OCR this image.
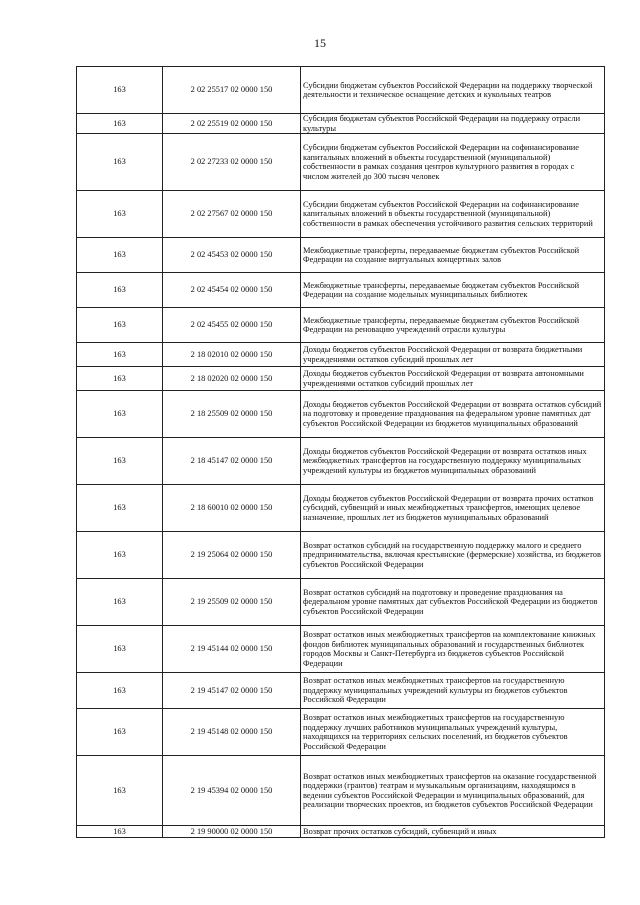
15
163	2 02 25517 02 0000 150	Субсидии бюджетам субъектов Российской Федерации на поддержку творческой деятельности и техническое оснащение детских и кукольных театров
163	2 02 25519 02 0000 150	Субсидия бюджетам субъектов Российской Федерации на поддержку отрасли культуры
163	2 02 27233 02 0000 150	Субсидии бюджетам субъектов Российской Федерации на софинансирование капитальных вложений в объекты государственной (муниципальной) собственности в рамках создания центров культурного развития в городах с числом жителей до 300 тысяч человек
163	2 02 27567 02 0000 150	Субсидии бюджетам субъектов Российской Федерации на софинансирование капитальных вложений в объекты государственной (муниципальной) собственности в рамках обеспечения устойчивого развития сельских территорий
163	2 02 45453 02 0000 150	Межбюджетные трансферты, передаваемые бюджетам субъектов Российской Федерации на создание виртуальных концертных залов
163	2 02 45454 02 0000 150	Межбюджетные трансферты, передаваемые бюджетам субъектов Российской Федерации на создание модельных муниципальных библиотек
163	2 02 45455 02 0000 150	Межбюджетные трансферты, передаваемые бюджетам субъектов Российской Федерации на реновацию учреждений отрасли культуры
163	2 18 02010 02 0000 150	Доходы бюджетов субъектов Российской Федерации от возврата бюджетными учреждениями остатков субсидий прошлых лет
163	2 18 02020 02 0000 150	Доходы бюджетов субъектов Российской Федерации от возврата автономными учреждениями остатков субсидий прошлых лет
163	2 18 25509 02 0000 150	Доходы бюджетов субъектов Российской Федерации от возврата остатков субсидий на подготовку и проведение празднования на федеральном уровне памятных дат субъектов Российской Федерации из бюджетов муниципальных образований
163	2 18 45147 02 0000 150	Доходы бюджетов субъектов Российской Федерации от возврата остатков иных межбюджетных трансфертов на государственную поддержку муниципальных учреждений культуры из бюджетов муниципальных образований
163	2 18 60010 02 0000 150	Доходы бюджетов субъектов Российской Федерации от возврата прочих остатков субсидий, субвенций и иных межбюджетных трансфертов, имеющих целевое назначение, прошлых лет из бюджетов муниципальных образований
163	2 19 25064 02 0000 150	Возврат остатков субсидий на государственную поддержку малого и среднего предпринимательства, включая крестьянские (фермерские) хозяйства, из бюджетов субъектов Российской Федерации
163	2 19 25509 02 0000 150	Возврат остатков субсидий на подготовку и проведение празднования на федеральном уровне памятных дат субъектов Российской Федерации из бюджетов субъектов Российской Федерации
163	2 19 45144 02 0000 150	Возврат остатков иных межбюджетных трансфертов на комплектование книжных фондов библиотек муниципальных образований и государственных библиотек городов Москвы и Санкт-Петербурга из бюджетов субъектов Российской Федерации
163	2 19 45147 02 0000 150	Возврат остатков иных межбюджетных трансфертов на государственную поддержку муниципальных учреждений культуры из бюджетов субъектов Российской Федерации
163	2 19 45148 02 0000 150	Возврат остатков иных межбюджетных трансфертов на государственную поддержку лучших работников муниципальных учреждений культуры, находящихся на территориях сельских поселений, из бюджетов субъектов Российской Федерации
163	2 19 45394 02 0000 150	Возврат остатков иных межбюджетных трансфертов на оказание государственной поддержки (грантов) театрам и музыкальным организациям, находящимся в ведении субъектов Российской Федерации и муниципальных образований, для реализации творческих проектов, из бюджетов субъектов Российской Федерации
163	2 19 90000 02 0000 150	Возврат прочих остатков субсидий, субвенций и иных
